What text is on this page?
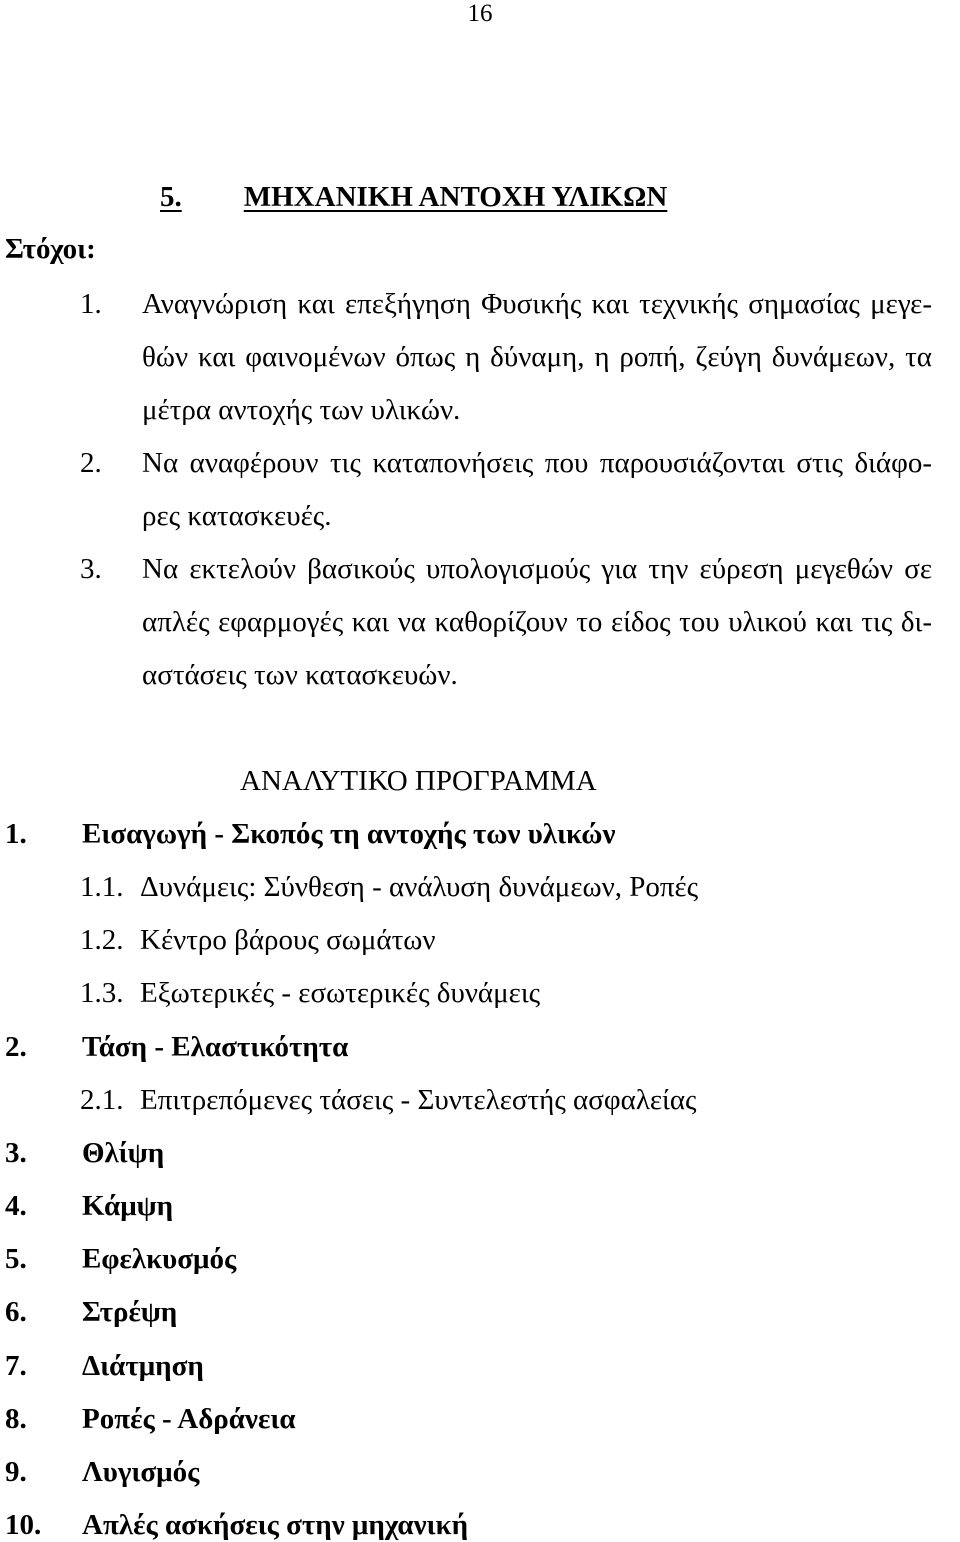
16
5. ΜΗΧΑΝΙΚΗ ΑΝΤΟΧΗ ΥΛΙΚΩΝ
Στόχοι:
1. Αναγνώριση και επεξήγηση Φυσικής και τεχνικής σημασίας μεγε-
θών και φαινομένων όπως η δύναμη, η ροπή, ζεύγη δυνάμεων, τα
μέτρα αντοχής των υλικών.
2. Να αναφέρουν τις καταπονήσεις που παρουσιάζονται στις διάφο-
ρες κατασκευές.
3. Να εκτελούν βασικούς υπολογισμούς για την εύρεση μεγεθών σε
απλές εφαρμογές και να καθορίζουν το είδος του υλικού και τις δι-
αστάσεις των κατασκευών.
ΑΝΑΛΥΤΙΚΟ ΠΡΟΓΡΑΜΜΑ
1. Εισαγωγή - Σκοπός τη αντοχής των υλικών
1.1. Δυνάμεις: Σύνθεση - ανάλυση δυνάμεων, Ροπές
1.2. Κέντρο βάρους σωμάτων
1.3. Εξωτερικές - εσωτερικές δυνάμεις
2. Τάση - Ελαστικότητα
2.1. Επιτρεπόμενες τάσεις - Συντελεστής ασφαλείας
3. Θλίψη
4. Κάμψη
5. Εφελκυσμός
6. Στρέψη
7. Διάτμηση
8. Ροπές - Αδράνεια
9. Λυγισμός
10. Απλές ασκήσεις στην μηχανική
